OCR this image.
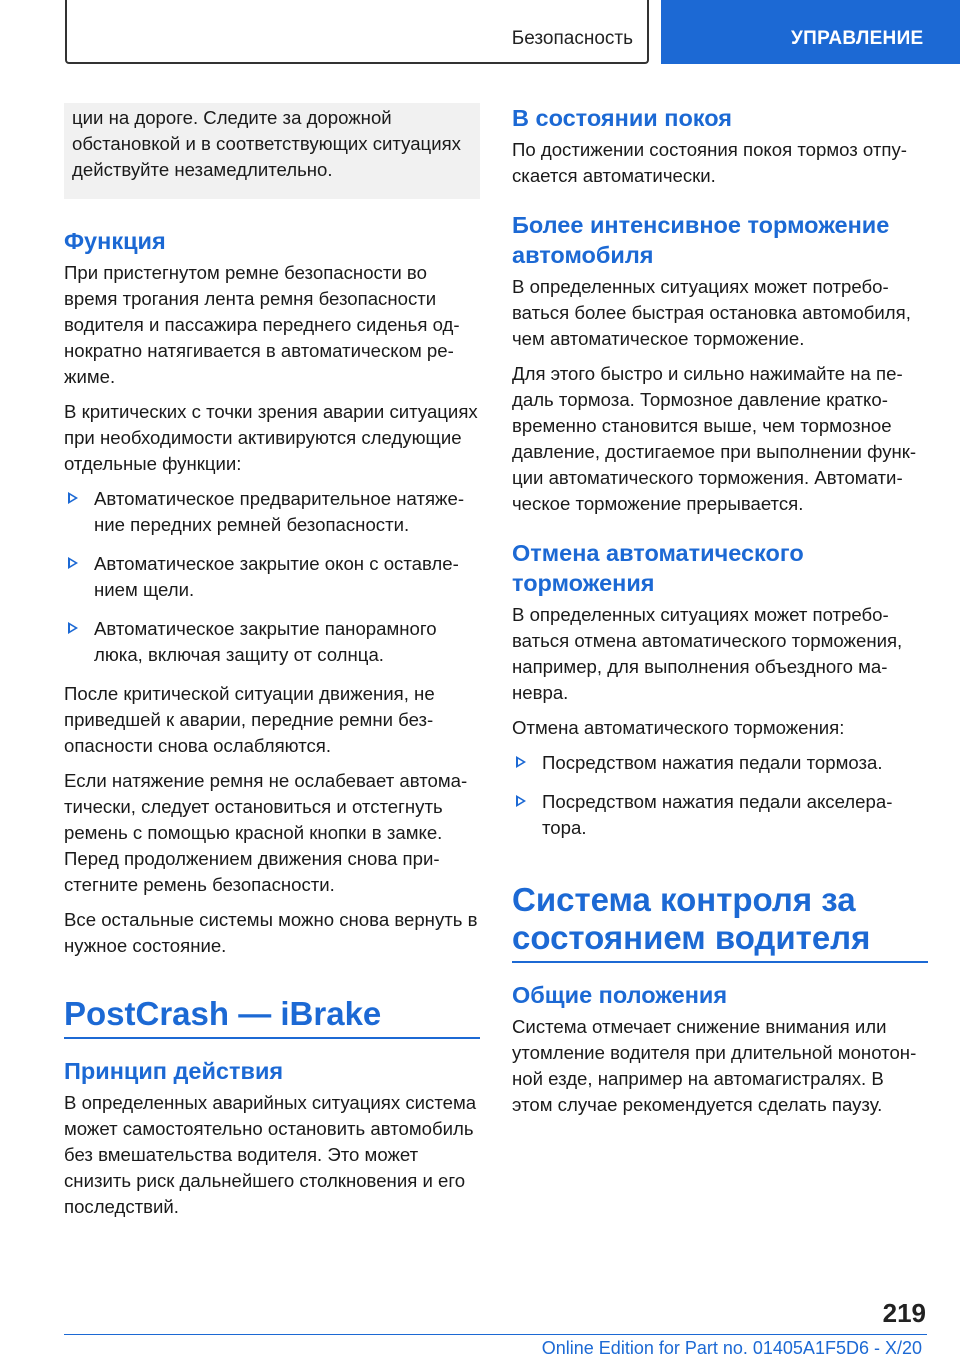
Безопасность	УПРАВЛЕНИЕ

ции на дороге. Следите за дорожной обстановкой и в соответствующих ситуациях действуйте незамедлительно.

Функция

При пристегнутом ремне безопасности во время трогания лента ремня безопасности водителя и пассажира переднего сиденья однократно натягивается в автоматическом режиме.

В критических с точки зрения аварии ситуациях при необходимости активируются следующие отдельные функции:

Автоматическое предварительное натяжение передних ремней безопасности.
Автоматическое закрытие окон с оставлением щели.
Автоматическое закрытие панорамного люка, включая защиту от солнца.

После критической ситуации движения, не приведшей к аварии, передние ремни безопасности снова ослабляются.

Если натяжение ремня не ослабевает автоматически, следует остановиться и отстегнуть ремень с помощью красной кнопки в замке. Перед продолжением движения снова пристегните ремень безопасности.

Все остальные системы можно снова вернуть в нужное состояние.

PostCrash — iBrake
Принцип действия

В определенных аварийных ситуациях система может самостоятельно остановить автомобиль без вмешательства водителя. Это может снизить риск дальнейшего столкновения и его последствий.

В состоянии покоя

По достижении состояния покоя тормоз отпускается автоматически.

Более интенсивное торможение автомобиля

В определенных ситуациях может потребоваться более быстрая остановка автомобиля, чем автоматическое торможение.

Для этого быстро и сильно нажимайте на педаль тормоза. Тормозное давление кратковременно становится выше, чем тормозное давление, достигаемое при выполнении функции автоматического торможения. Автоматическое торможение прерывается.

Отмена автоматического торможения

В определенных ситуациях может потребоваться отмена автоматического торможения, например, для выполнения объездного маневра.

Отмена автоматического торможения:

Посредством нажатия педали тормоза.
Посредством нажатия педали акселератора.
Система контроля за состоянием водителя
Общие положения

Система отмечает снижение внимания или утомление водителя при длительной монотонной езде, например на автомагистралях. В этом случае рекомендуется сделать паузу.

219
Online Edition for Part no. 01405A1F5D6 - X/20
